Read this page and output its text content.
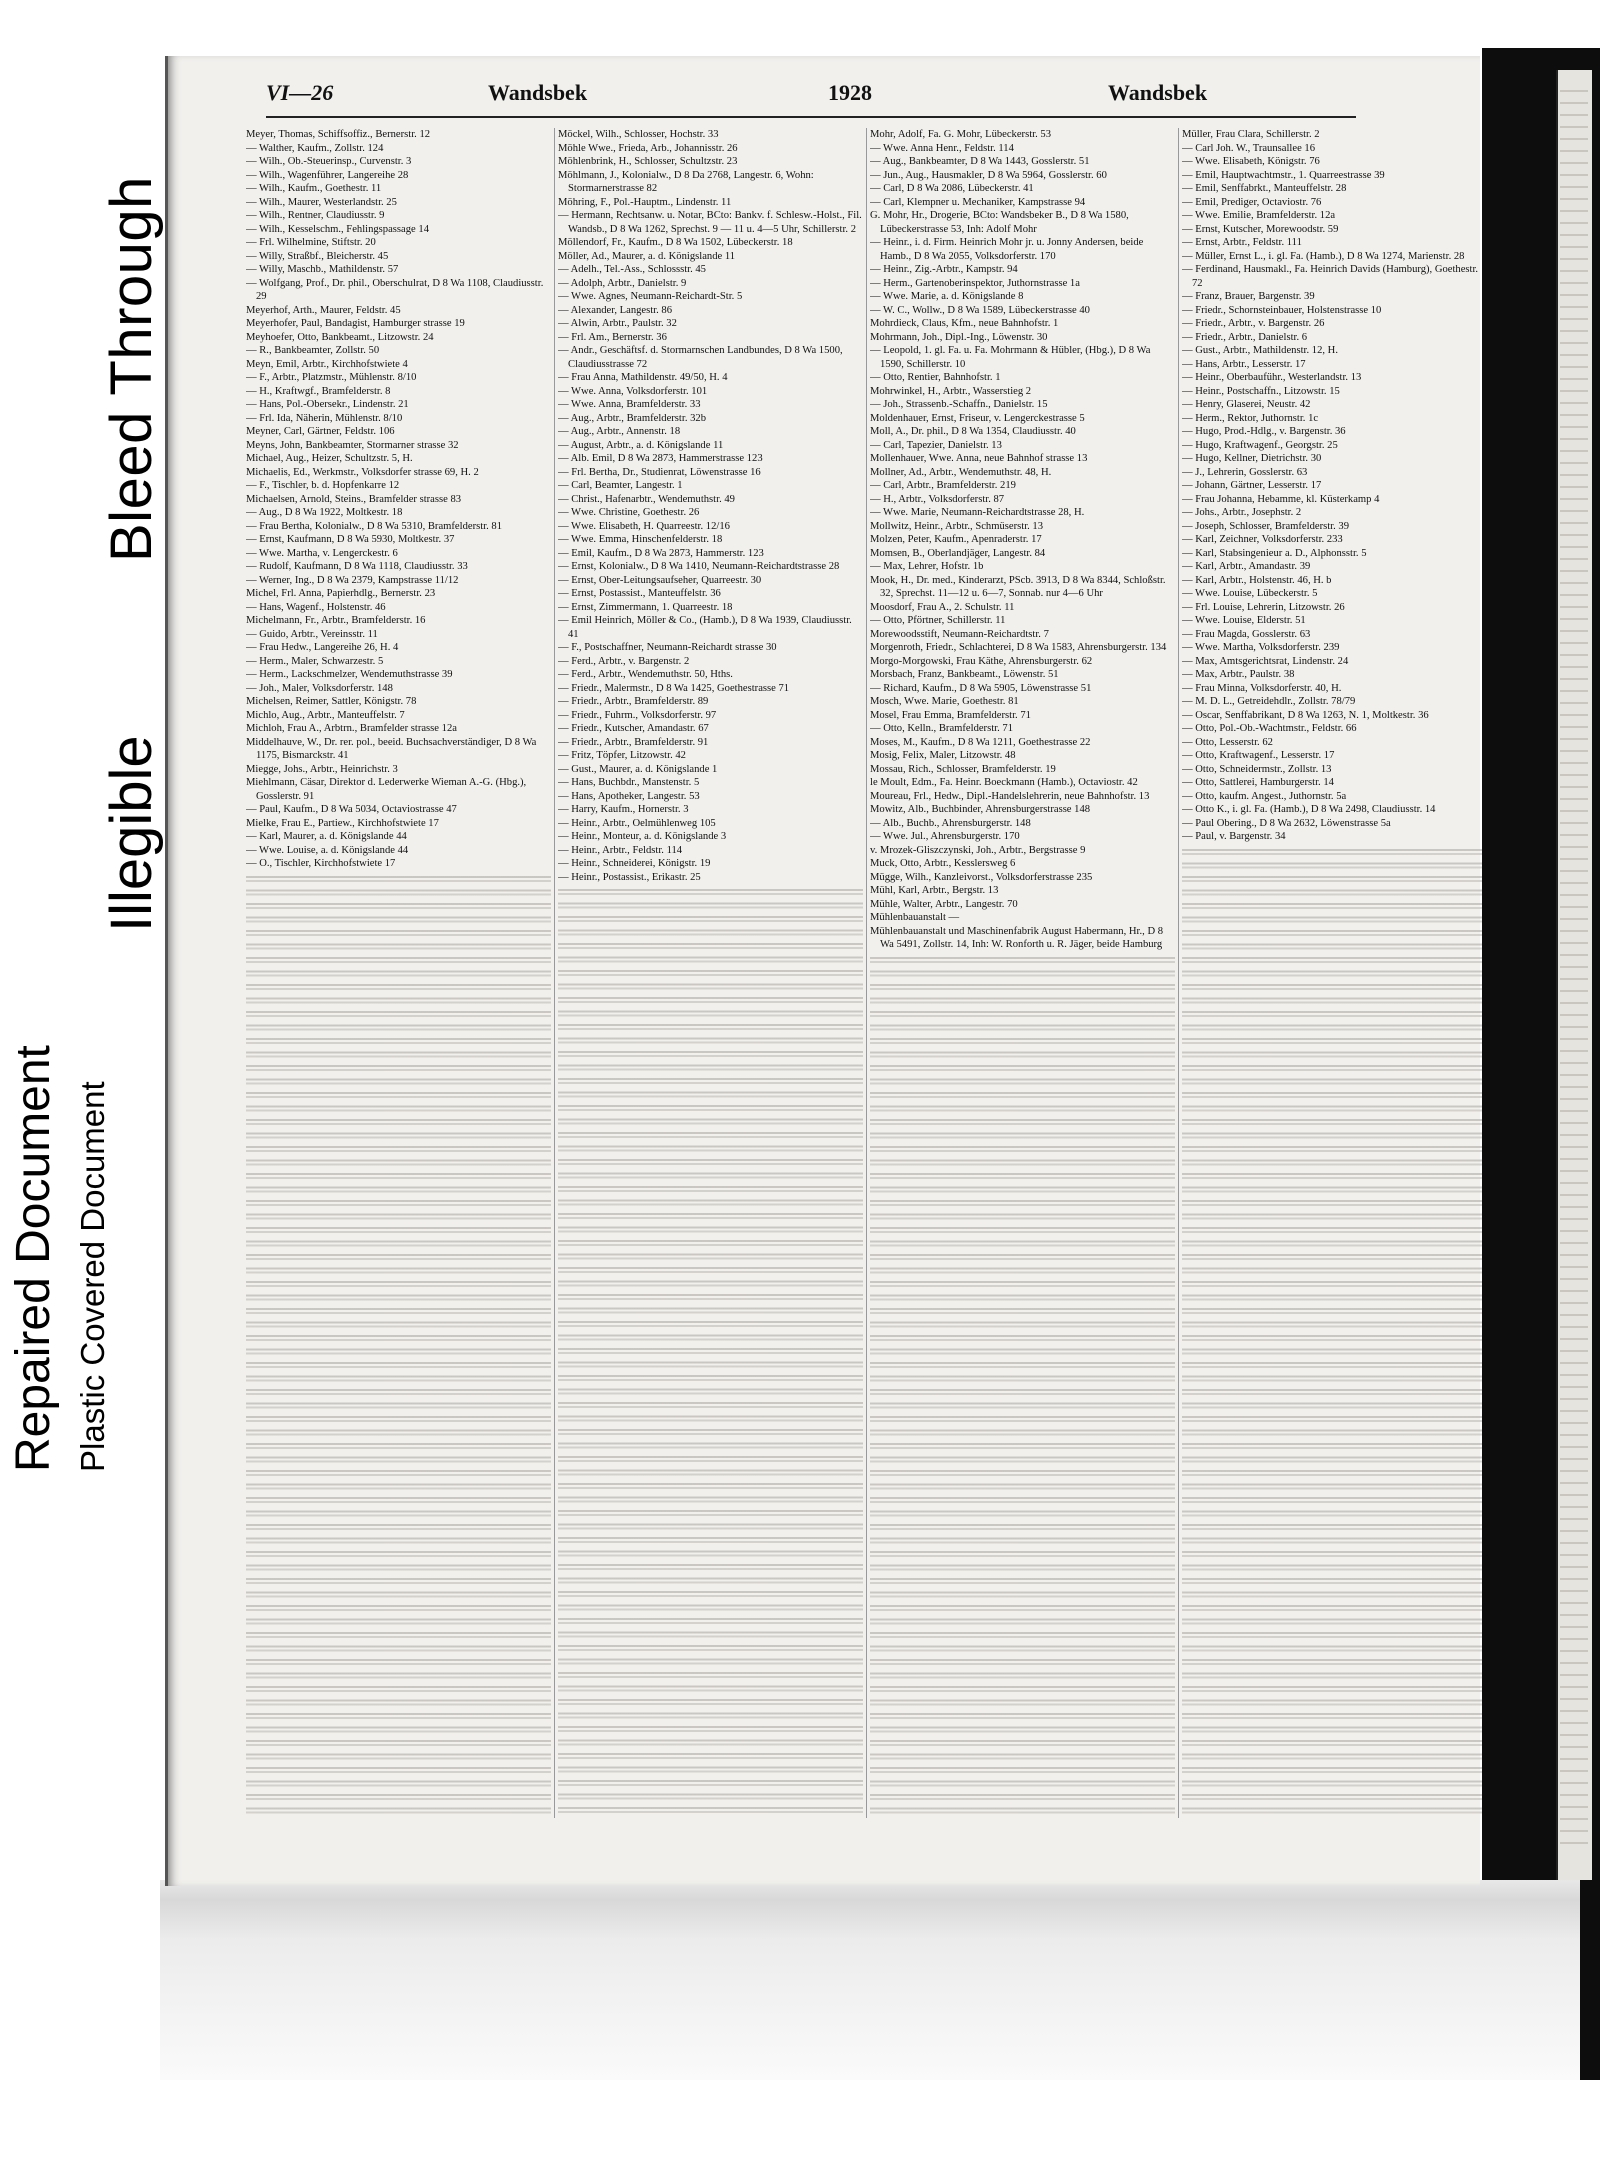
Bleed Through
Illegible
Repaired Document Plastic Covered Document
VI—26	Wandsbek	1928	Wandsbek

Meyer, Thomas, Schiffsoffiz., Bernerstr. 12

— Walther, Kaufm., Zollstr. 124

— Wilh., Ob.-Steuerinsp., Curvenstr. 3

— Wilh., Wagenführer, Langereihe 28

— Wilh., Kaufm., Goethestr. 11

— Wilh., Maurer, Westerlandstr. 25

— Wilh., Rentner, Claudiusstr. 9

— Wilh., Kesselschm., Fehlingspassage 14

— Frl. Wilhelmine, Stiftstr. 20

— Willy, Straßbf., Bleicherstr. 45

— Willy, Maschb., Mathildenstr. 57

— Wolfgang, Prof., Dr. phil., Oberschulrat, D 8 Wa 1108, Claudiusstr. 29

Meyerhof, Arth., Maurer, Feldstr. 45

Meyerhofer, Paul, Bandagist, Hamburger strasse 19

Meyhoefer, Otto, Bankbeamt., Litzowstr. 24

— R., Bankbeamter, Zollstr. 50

Meyn, Emil, Arbtr., Kirchhofstwiete 4

— F., Arbtr., Platzmstr., Mühlenstr. 8/10

— H., Kraftwgf., Bramfelderstr. 8

— Hans, Pol.-Obersekr., Lindenstr. 21

— Frl. Ida, Näherin, Mühlenstr. 8/10

Meyner, Carl, Gärtner, Feldstr. 106

Meyns, John, Bankbeamter, Stormarner strasse 32

Michael, Aug., Heizer, Schultzstr. 5, H.

Michaelis, Ed., Werkmstr., Volksdorfer strasse 69, H. 2

— F., Tischler, b. d. Hopfenkarre 12

Michaelsen, Arnold, Steins., Bramfelder strasse 83

— Aug., D 8 Wa 1922, Moltkestr. 18

— Frau Bertha, Kolonialw., D 8 Wa 5310, Bramfelderstr. 81

— Ernst, Kaufmann, D 8 Wa 5930, Moltkestr. 37

— Wwe. Martha, v. Lengerckestr. 6

— Rudolf, Kaufmann, D 8 Wa 1118, Claudiusstr. 33

— Werner, Ing., D 8 Wa 2379, Kampstrasse 11/12

Michel, Frl. Anna, Papierhdlg., Bernerstr. 23

— Hans, Wagenf., Holstenstr. 46

Michelmann, Fr., Arbtr., Bramfelderstr. 16

— Guido, Arbtr., Vereinsstr. 11

— Frau Hedw., Langereihe 26, H. 4

— Herm., Maler, Schwarzestr. 5

— Herm., Lackschmelzer, Wendemuthstrasse 39

— Joh., Maler, Volksdorferstr. 148

Michelsen, Reimer, Sattler, Königstr. 78

Michlo, Aug., Arbtr., Manteuffelstr. 7

Michloh, Frau A., Arbtrn., Bramfelder strasse 12a

Middelhauve, W., Dr. rer. pol., beeid. Buchsachverständiger, D 8 Wa 1175, Bismarckstr. 41

Miegge, Johs., Arbtr., Heinrichstr. 3

Miehlmann, Cäsar, Direktor d. Lederwerke Wieman A.-G. (Hbg.), Gosslerstr. 91

— Paul, Kaufm., D 8 Wa 5034, Octaviostrasse 47

Mielke, Frau E., Partiew., Kirchhofstwiete 17

— Karl, Maurer, a. d. Königslande 44

— Wwe. Louise, a. d. Königslande 44

— O., Tischler, Kirchhofstwiete 17

Möckel, Wilh., Schlosser, Hochstr. 33

Möhle Wwe., Frieda, Arb., Johannisstr. 26

Möhlenbrink, H., Schlosser, Schultzstr. 23

Möhlmann, J., Kolonialw., D 8 Da 2768, Langestr. 6, Wohn: Stormarnerstrasse 82

Möhring, F., Pol.-Hauptm., Lindenstr. 11

— Hermann, Rechtsanw. u. Notar, BCto: Bankv. f. Schlesw.-Holst., Fil. Wandsb., D 8 Wa 1262, Sprechst. 9 — 11 u. 4—5 Uhr, Schillerstr. 2

Möllendorf, Fr., Kaufm., D 8 Wa 1502, Lübeckerstr. 18

Möller, Ad., Maurer, a. d. Königslande 11

— Adelh., Tel.-Ass., Schlossstr. 45

— Adolph, Arbtr., Danielstr. 9

— Wwe. Agnes, Neumann-Reichardt-Str. 5

— Alexander, Langestr. 86

— Alwin, Arbtr., Paulstr. 32

— Frl. Am., Bernerstr. 36

— Andr., Geschäftsf. d. Stormarnschen Landbundes, D 8 Wa 1500, Claudiusstrasse 72

— Frau Anna, Mathildenstr. 49/50, H. 4

— Wwe. Anna, Volksdorferstr. 101

— Wwe. Anna, Bramfelderstr. 33

— Aug., Arbtr., Bramfelderstr. 32b

— Aug., Arbtr., Annenstr. 18

— August, Arbtr., a. d. Königslande 11

— Alb. Emil, D 8 Wa 2873, Hammerstrasse 123

— Frl. Bertha, Dr., Studienrat, Löwenstrasse 16

— Carl, Beamter, Langestr. 1

— Christ., Hafenarbtr., Wendemuthstr. 49

— Wwe. Christine, Goethestr. 26

— Wwe. Elisabeth, H. Quarreestr. 12/16

— Wwe. Emma, Hinschenfelderstr. 18

— Emil, Kaufm., D 8 Wa 2873, Hammerstr. 123

— Ernst, Kolonialw., D 8 Wa 1410, Neumann-Reichardtstrasse 28

— Ernst, Ober-Leitungsaufseher, Quarreestr. 30

— Ernst, Postassist., Manteuffelstr. 36

— Ernst, Zimmermann, 1. Quarreestr. 18

— Emil Heinrich, Möller & Co., (Hamb.), D 8 Wa 1939, Claudiusstr. 41

— F., Postschaffner, Neumann-Reichardt strasse 30

— Ferd., Arbtr., v. Bargenstr. 2

— Ferd., Arbtr., Wendemuthstr. 50, Hths.

— Friedr., Malermstr., D 8 Wa 1425, Goethestrasse 71

— Friedr., Arbtr., Bramfelderstr. 89

— Friedr., Fuhrm., Volksdorferstr. 97

— Friedr., Kutscher, Amandastr. 67

— Friedr., Arbtr., Bramfelderstr. 91

— Fritz, Töpfer, Litzowstr. 42

— Gust., Maurer, a. d. Königslande 1

— Hans, Buchbdr., Manstenstr. 5

— Hans, Apotheker, Langestr. 53

— Harry, Kaufm., Hornerstr. 3

— Heinr., Arbtr., Oelmühlenweg 105

— Heinr., Monteur, a. d. Königslande 3

— Heinr., Arbtr., Feldstr. 114

— Heinr., Schneiderei, Königstr. 19

— Heinr., Postassist., Erikastr. 25

Mohr, Adolf, Fa. G. Mohr, Lübeckerstr. 53

— Wwe. Anna Henr., Feldstr. 114

— Aug., Bankbeamter, D 8 Wa 1443, Gosslerstr. 51

— Jun., Aug., Hausmakler, D 8 Wa 5964, Gosslerstr. 60

— Carl, D 8 Wa 2086, Lübeckerstr. 41

— Carl, Klempner u. Mechaniker, Kampstrasse 94

G. Mohr, Hr., Drogerie, BCto: Wandsbeker B., D 8 Wa 1580, Lübeckerstrasse 53, Inh: Adolf Mohr

— Heinr., i. d. Firm. Heinrich Mohr jr. u. Jonny Andersen, beide Hamb., D 8 Wa 2055, Volksdorferstr. 170

— Heinr., Zig.-Arbtr., Kampstr. 94

— Herm., Gartenoberinspektor, Juthornstrasse 1a

— Wwe. Marie, a. d. Königslande 8

— W. C., Wollw., D 8 Wa 1589, Lübeckerstrasse 40

Mohrdieck, Claus, Kfm., neue Bahnhofstr. 1

Mohrmann, Joh., Dipl.-Ing., Löwenstr. 30

— Leopold, 1. gl. Fa. u. Fa. Mohrmann & Hübler, (Hbg.), D 8 Wa 1590, Schillerstr. 10

— Otto, Rentier, Bahnhofstr. 1

Mohrwinkel, H., Arbtr., Wasserstieg 2

— Joh., Strassenb.-Schaffn., Danielstr. 15

Moldenhauer, Ernst, Friseur, v. Lengerckestrasse 5

Moll, A., Dr. phil., D 8 Wa 1354, Claudiusstr. 40

— Carl, Tapezier, Danielstr. 13

Mollenhauer, Wwe. Anna, neue Bahnhof strasse 13

Mollner, Ad., Arbtr., Wendemuthstr. 48, H.

— Carl, Arbtr., Bramfelderstr. 219

— H., Arbtr., Volksdorferstr. 87

— Wwe. Marie, Neumann-Reichardtstrasse 28, H.

Mollwitz, Heinr., Arbtr., Schmüserstr. 13

Molzen, Peter, Kaufm., Apenraderstr. 17

Momsen, B., Oberlandjäger, Langestr. 84

— Max, Lehrer, Hofstr. 1b

Mook, H., Dr. med., Kinderarzt, PScb. 3913, D 8 Wa 8344, Schloßstr. 32, Sprechst. 11—12 u. 6—7, Sonnab. nur 4—6 Uhr

Moosdorf, Frau A., 2. Schulstr. 11

— Otto, Pförtner, Schillerstr. 11

Morewoodsstift, Neumann-Reichardtstr. 7

Morgenroth, Friedr., Schlachterei, D 8 Wa 1583, Ahrensburgerstr. 134

Morgo-Morgowski, Frau Käthe, Ahrensburgerstr. 62

Morsbach, Franz, Bankbeamt., Löwenstr. 51

— Richard, Kaufm., D 8 Wa 5905, Löwenstrasse 51

Mosch, Wwe. Marie, Goethestr. 81

Mosel, Frau Emma, Bramfelderstr. 71

— Otto, Kelln., Bramfelderstr. 71

Moses, M., Kaufm., D 8 Wa 1211, Goethestrasse 22

Mosig, Felix, Maler, Litzowstr. 48

Mossau, Rich., Schlosser, Bramfelderstr. 19

le Moult, Edm., Fa. Heinr. Boeckmann (Hamb.), Octaviostr. 42

Moureau, Frl., Hedw., Dipl.-Handelslehrerin, neue Bahnhofstr. 13

Mowitz, Alb., Buchbinder, Ahrensburgerstrasse 148

— Alb., Buchb., Ahrensburgerstr. 148

— Wwe. Jul., Ahrensburgerstr. 170

v. Mrozek-Gliszczynski, Joh., Arbtr., Bergstrasse 9

Muck, Otto, Arbtr., Kesslersweg 6

Mügge, Wilh., Kanzleivorst., Volksdorferstrasse 235

Mühl, Karl, Arbtr., Bergstr. 13

Mühle, Walter, Arbtr., Langestr. 70

Mühlenbauanstalt —

Mühlenbauanstalt und Maschinenfabrik August Habermann, Hr., D 8 Wa 5491, Zollstr. 14, Inh: W. Ronforth u. R. Jäger, beide Hamburg

Müller, Frau Clara, Schillerstr. 2

— Carl Joh. W., Traunsallee 16

— Wwe. Elisabeth, Königstr. 76

— Emil, Hauptwachtmstr., 1. Quarreestrasse 39

— Emil, Senffabrkt., Manteuffelstr. 28

— Emil, Prediger, Octaviostr. 76

— Wwe. Emilie, Bramfelderstr. 12a

— Ernst, Kutscher, Morewoodstr. 59

— Ernst, Arbtr., Feldstr. 111

— Müller, Ernst L., i. gl. Fa. (Hamb.), D 8 Wa 1274, Marienstr. 28

— Ferdinand, Hausmakl., Fa. Heinrich Davids (Hamburg), Goethestr. 72

— Franz, Brauer, Bargenstr. 39

— Friedr., Schornsteinbauer, Holstenstrasse 10

— Friedr., Arbtr., v. Bargenstr. 26

— Friedr., Arbtr., Danielstr. 6

— Gust., Arbtr., Mathildenstr. 12, H.

— Hans, Arbtr., Lesserstr. 17

— Heinr., Oberbauführ., Westerlandstr. 13

— Heinr., Postschaffn., Litzowstr. 15

— Henry, Glaserei, Neustr. 42

— Herm., Rektor, Juthornstr. 1c

— Hugo, Prod.-Hdlg., v. Bargenstr. 36

— Hugo, Kraftwagenf., Georgstr. 25

— Hugo, Kellner, Dietrichstr. 30

— J., Lehrerin, Gosslerstr. 63

— Johann, Gärtner, Lesserstr. 17

— Frau Johanna, Hebamme, kl. Küsterkamp 4

— Johs., Arbtr., Josephstr. 2

— Joseph, Schlosser, Bramfelderstr. 39

— Karl, Zeichner, Volksdorferstr. 233

— Karl, Stabsingenieur a. D., Alphonsstr. 5

— Karl, Arbtr., Amandastr. 39

— Karl, Arbtr., Holstenstr. 46, H. b

— Wwe. Louise, Lübeckerstr. 5

— Frl. Louise, Lehrerin, Litzowstr. 26

— Wwe. Louise, Elderstr. 51

— Frau Magda, Gosslerstr. 63

— Wwe. Martha, Volksdorferstr. 239

— Max, Amtsgerichtsrat, Lindenstr. 24

— Max, Arbtr., Paulstr. 38

— Frau Minna, Volksdorferstr. 40, H.

— M. D. L., Getreidehdlr., Zollstr. 78/79

— Oscar, Senffabrikant, D 8 Wa 1263, N. 1, Moltkestr. 36

— Otto, Pol.-Ob.-Wachtmstr., Feldstr. 66

— Otto, Lesserstr. 62

— Otto, Kraftwagenf., Lesserstr. 17

— Otto, Schneidermstr., Zollstr. 13

— Otto, Sattlerei, Hamburgerstr. 14

— Otto, kaufm. Angest., Juthornstr. 5a

— Otto K., i. gl. Fa. (Hamb.), D 8 Wa 2498, Claudiusstr. 14

— Paul Obering., D 8 Wa 2632, Löwenstrasse 5a

— Paul, v. Bargenstr. 34
